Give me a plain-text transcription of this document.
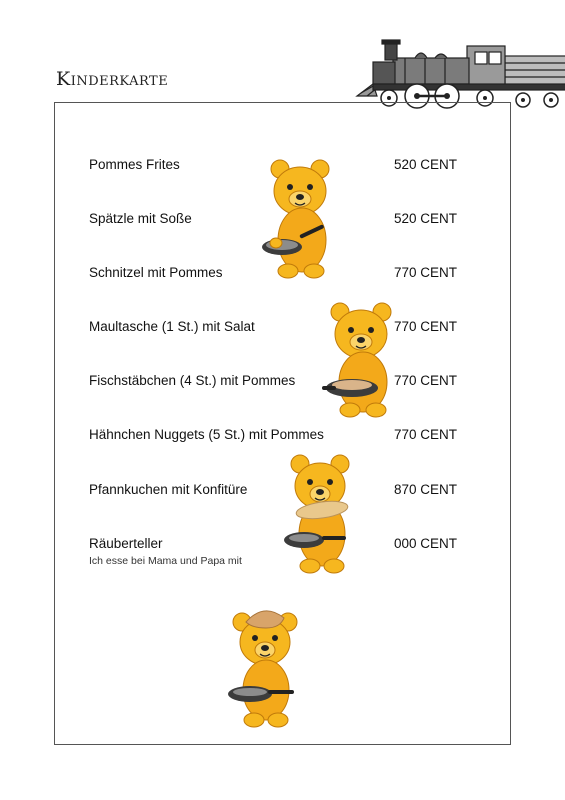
Kinderkarte
Pommes Frites	520 CENT
Spätzle mit Soße	520 CENT
Schnitzel mit Pommes	770 CENT
Maultasche (1 St.) mit Salat	770 CENT
Fischstäbchen (4 St.) mit Pommes	770 CENT
Hähnchen Nuggets (5 St.) mit Pommes	770 CENT
Pfannkuchen mit Konfitüre	870 CENT
Räuberteller	000 CENT
Ich esse bei Mama und Papa mit
